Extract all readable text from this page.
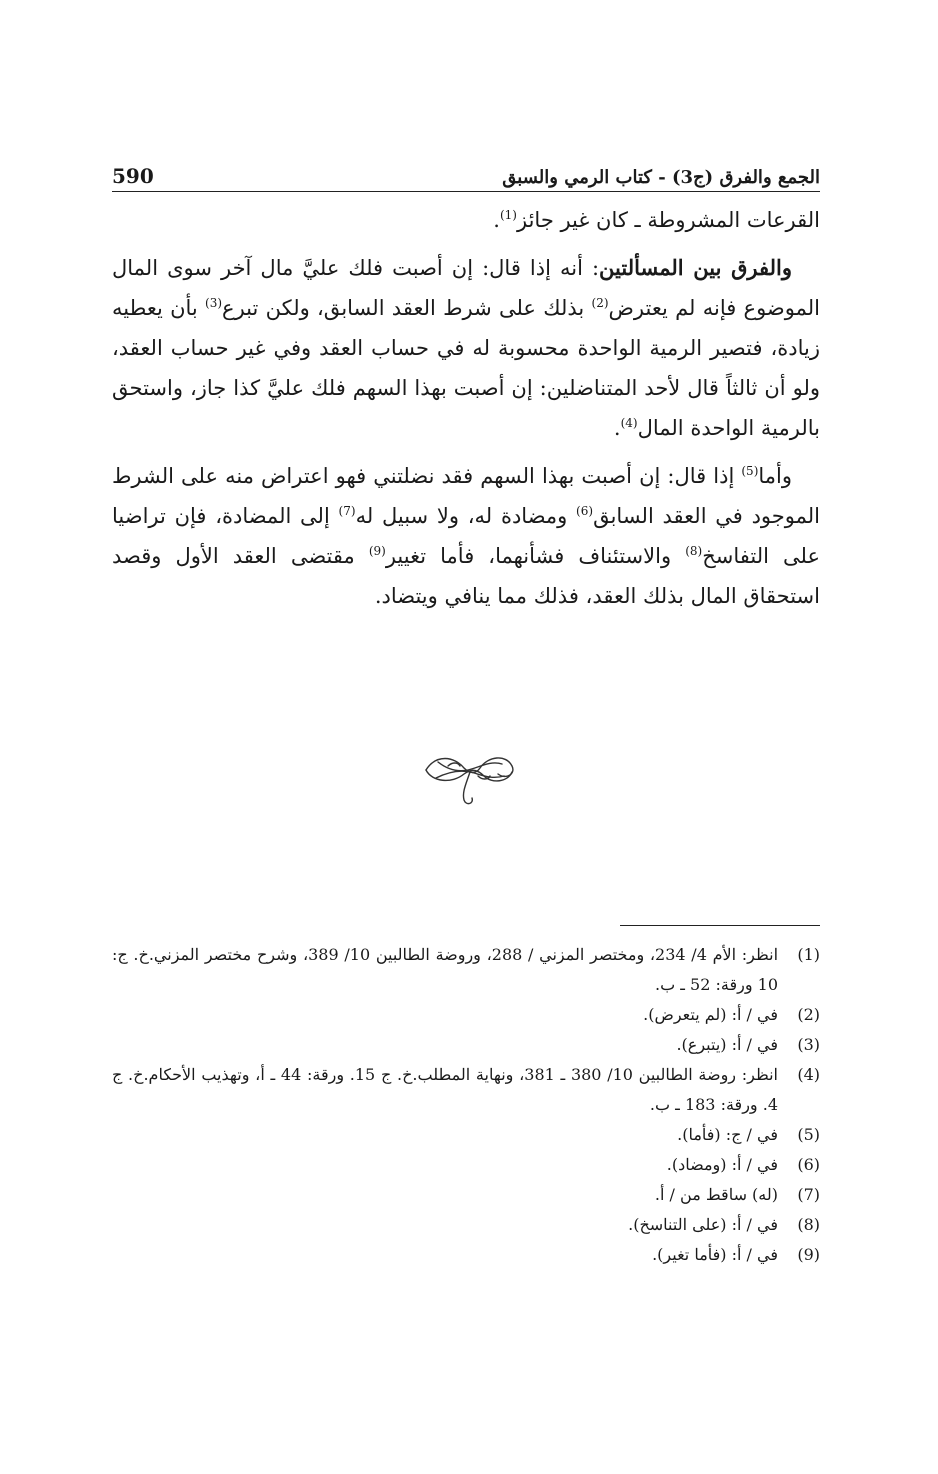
الجمع والفرق (ج3) - كتاب الرمي والسبق
590

القرعات المشروطة ـ كان غير جائز$^{(1)}$.

والفرق بين المسألتين: أنه إذا قال: إن أصبت فلك عليَّ مال آخر سوى المال الموضوع فإنه لم يعترض$^{(2)}$ بذلك على شرط العقد السابق، ولكن تبرع$^{(3)}$ بأن يعطيه زيادة، فتصير الرمية الواحدة محسوبة له في حساب العقد وفي غير حساب العقد، ولو أن ثالثاً قال لأحد المتناضلين: إن أصبت بهذا السهم فلك عليَّ كذا جاز، واستحق بالرمية الواحدة المال$^{(4)}$.

وأما$^{(5)}$ إذا قال: إن أصبت بهذا السهم فقد نضلتني فهو اعتراض منه على الشرط الموجود في العقد السابق$^{(6)}$ ومضادة له، ولا سبيل له$^{(7)}$ إلى المضادة، فإن تراضيا على التفاسخ$^{(8)}$ والاستئناف فشأنهما، فأما تغيير$^{(9)}$ مقتضى العقد الأول وقصد استحقاق المال بذلك العقد، فذلك مما ينافي ويتضاد.

(1)
انظر: الأم 4/ 234، ومختصر المزني / 288، وروضة الطالبين 10/ 389، وشرح مختصر المزني.خ. ج: 10 ورقة: 52 ـ ب.
(2)
في / أ: (لم يتعرض).
(3)
في / أ: (يتبرع).
(4)
انظر: روضة الطالبين 10/ 380 ـ 381، ونهاية المطلب.خ. ج 15. ورقة: 44 ـ أ، وتهذيب الأحكام.خ. ج 4. ورقة: 183 ـ ب.
(5)
في / ج: (فأما).
(6)
في / أ: (ومضاد).
(7)
(له) ساقط من / أ.
(8)
في / أ: (على التناسخ).
(9)
في / أ: (فأما تغير).
